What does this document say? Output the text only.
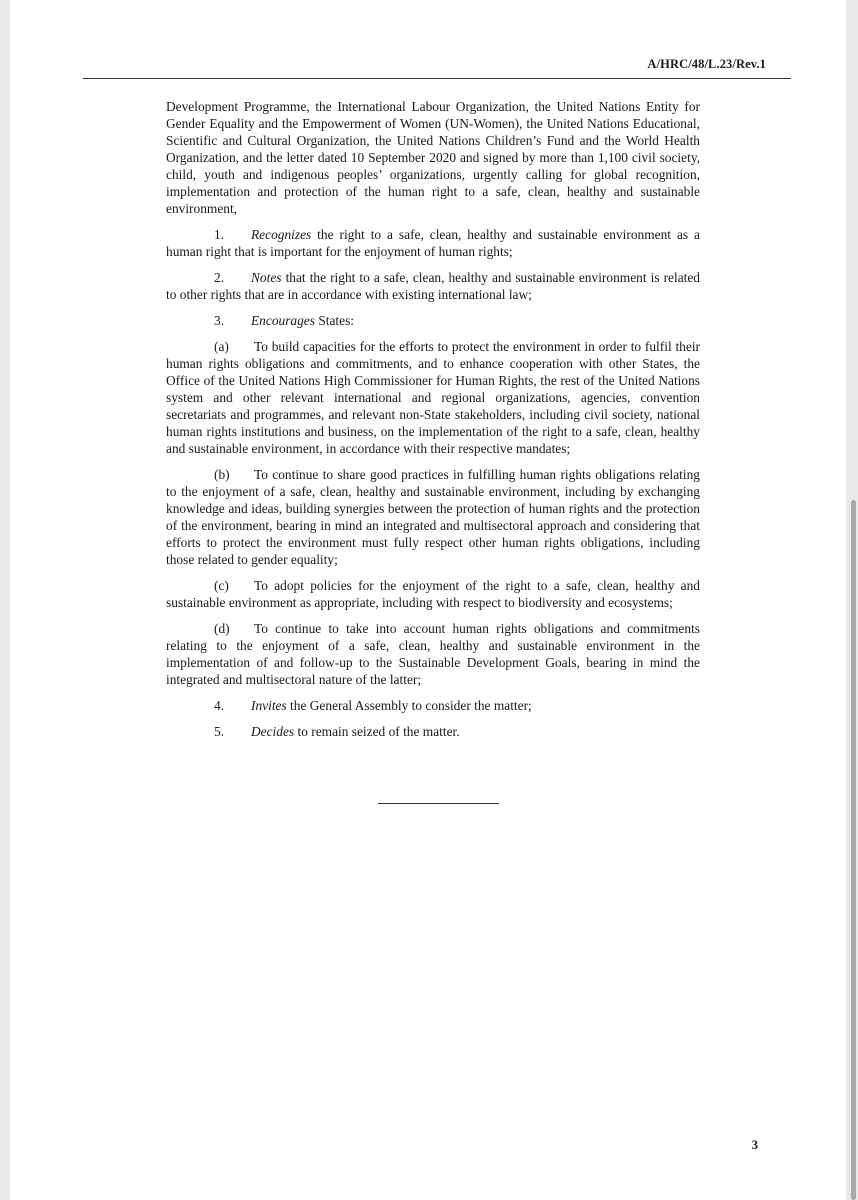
A/HRC/48/L.23/Rev.1

Development Programme, the International Labour Organization, the United Nations Entity for Gender Equality and the Empowerment of Women (UN-Women), the United Nations Educational, Scientific and Cultural Organization, the United Nations Children’s Fund and the World Health Organization, and the letter dated 10 September 2020 and signed by more than 1,100 civil society, child, youth and indigenous peoples’ organizations, urgently calling for global recognition, implementation and protection of the human right to a safe, clean, healthy and sustainable environment,

1. Recognizes the right to a safe, clean, healthy and sustainable environment as a human right that is important for the enjoyment of human rights;

2. Notes that the right to a safe, clean, healthy and sustainable environment is related to other rights that are in accordance with existing international law;

3. Encourages States:

(a) To build capacities for the efforts to protect the environment in order to fulfil their human rights obligations and commitments, and to enhance cooperation with other States, the Office of the United Nations High Commissioner for Human Rights, the rest of the United Nations system and other relevant international and regional organizations, agencies, convention secretariats and programmes, and relevant non-State stakeholders, including civil society, national human rights institutions and business, on the implementation of the right to a safe, clean, healthy and sustainable environment, in accordance with their respective mandates;

(b) To continue to share good practices in fulfilling human rights obligations relating to the enjoyment of a safe, clean, healthy and sustainable environment, including by exchanging knowledge and ideas, building synergies between the protection of human rights and the protection of the environment, bearing in mind an integrated and multisectoral approach and considering that efforts to protect the environment must fully respect other human rights obligations, including those related to gender equality;

(c) To adopt policies for the enjoyment of the right to a safe, clean, healthy and sustainable environment as appropriate, including with respect to biodiversity and ecosystems;

(d) To continue to take into account human rights obligations and commitments relating to the enjoyment of a safe, clean, healthy and sustainable environment in the implementation of and follow-up to the Sustainable Development Goals, bearing in mind the integrated and multisectoral nature of the latter;

4. Invites the General Assembly to consider the matter;

5. Decides to remain seized of the matter.

3
